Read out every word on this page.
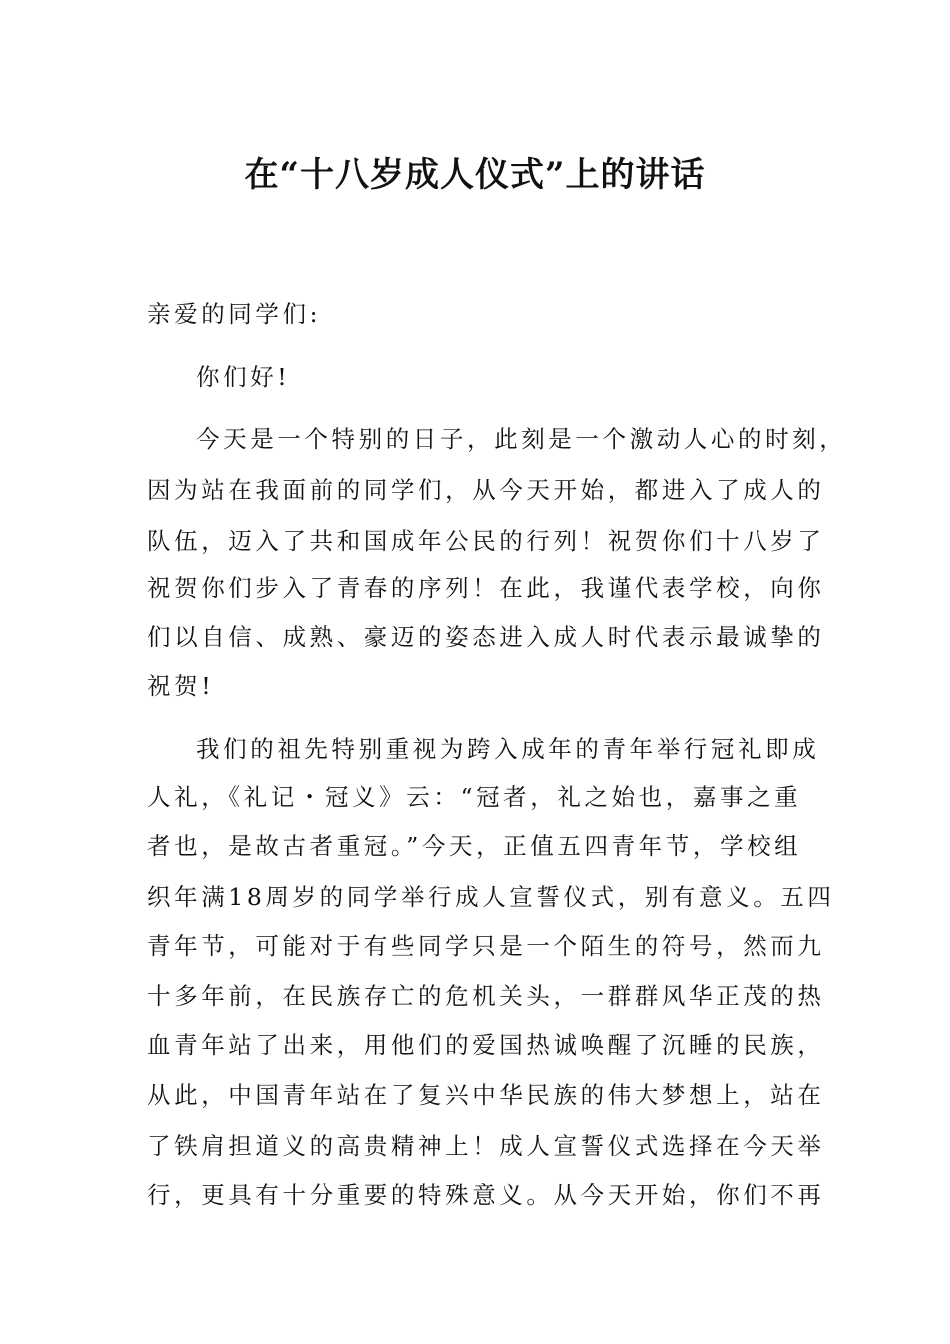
在“十八岁成人仪式”上的讲话

亲爱的同学们:

你们好!

今天是一个特别的日子，此刻是一个激动人心的时刻，

因为站在我面前的同学们，从今天开始，都进入了成人的

队伍，迈入了共和国成年公民的行列！祝贺你们十八岁了

祝贺你们步入了青春的序列！在此，我谨代表学校，向你

们以自信、成熟、豪迈的姿态进入成人时代表示最诚挚的

祝贺!

我们的祖先特别重视为跨入成年的青年举行冠礼即成

人礼，《礼记・冠义》云：“冠者，礼之始也，嘉事之重

者也，是故古者重冠。”今天，正值五四青年节，学校组

织年满18周岁的同学举行成人宣誓仪式，别有意义。五四

青年节，可能对于有些同学只是一个陌生的符号，然而九

十多年前，在民族存亡的危机关头，一群群风华正茂的热

血青年站了出来，用他们的爱国热诚唤醒了沉睡的民族，

从此，中国青年站在了复兴中华民族的伟大梦想上，站在

了铁肩担道义的高贵精神上！成人宣誓仪式选择在今天举

行，更具有十分重要的特殊意义。从今天开始，你们不再
